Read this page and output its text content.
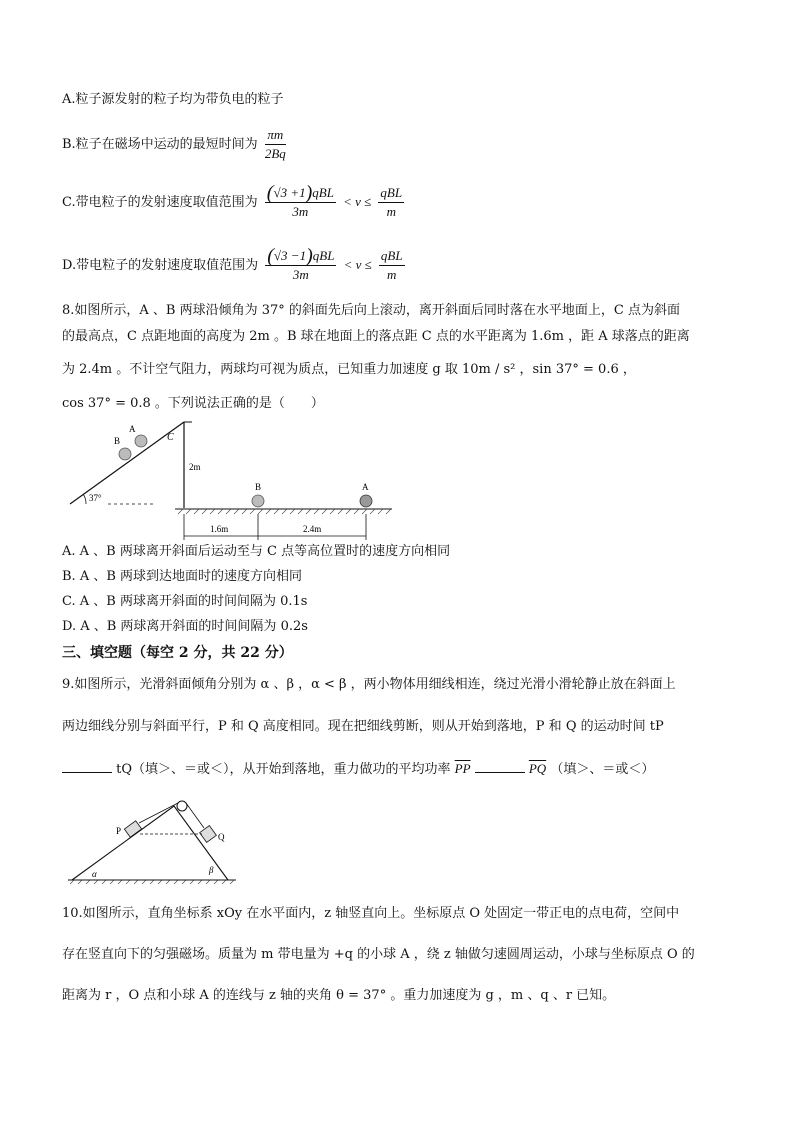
A.粒子源发射的粒子均为带负电的粒子
B.粒子在磁场中运动的最短时间为 $\frac{\pi m}{2Bq}$
C.带电粒子的发射速度取值范围为 $\frac{\text{(√3 +1)qBL}}{3m} < v \le \frac{\text{qBL}}{m}$
D.带电粒子的发射速度取值范围为 $\frac{\text{(√3 −1)qBL}}{3m} < v \le \frac{\text{qBL}}{m}$
8.如图所示，A 、B 两球沿倾角为 37° 的斜面先后向上滚动，离开斜面后同时落在水平地面上，C 点为斜面
的最高点，C 点距地面的高度为 2m 。B 球在地面上的落点距 C 点的水平距离为 1.6m ，距 A 球落点的距离
为 2.4m 。不计空气阻力，两球均可视为质点，已知重力加速度 g 取 10m / s² ，sin 37° = 0.6 ，
cos 37° = 0.8 。下列说法正确的是（　　）
37°
B
A
C
2m
B	A
1.6m	2.4m
A. A 、B 两球离开斜面后运动至与 C 点等高位置时的速度方向相同
B. A 、B 两球到达地面时的速度方向相同
C. A 、B 两球离开斜面的时间间隔为 0.1s
D. A 、B 两球离开斜面的时间间隔为 0.2s
三、填空题（每空 2 分，共 22 分）
9.如图所示，光滑斜面倾角分别为 α 、β ，α < β ，两小物体用细线相连，绕过光滑小滑轮静止放在斜面上
两边细线分别与斜面平行，P 和 Q 高度相同。现在把细线剪断，则从开始到落地，P 和 Q 的运动时间 tP
tQ（填＞、＝或＜），从开始到落地，重力做功的平均功率 $\overline{PP}$	$\overline{PQ}$ （填＞、＝或＜）
P
Q
α	β
10.如图所示，直角坐标系 xOy 在水平面内，z 轴竖直向上。坐标原点 O 处固定一带正电的点电荷，空间中
存在竖直向下的匀强磁场。质量为 m 带电量为 +q 的小球 A ，绕 z 轴做匀速圆周运动，小球与坐标原点 O 的
距离为 r ，O 点和小球 A 的连线与 z 轴的夹角 θ = 37° 。重力加速度为 g ，m 、q 、r 已知。
